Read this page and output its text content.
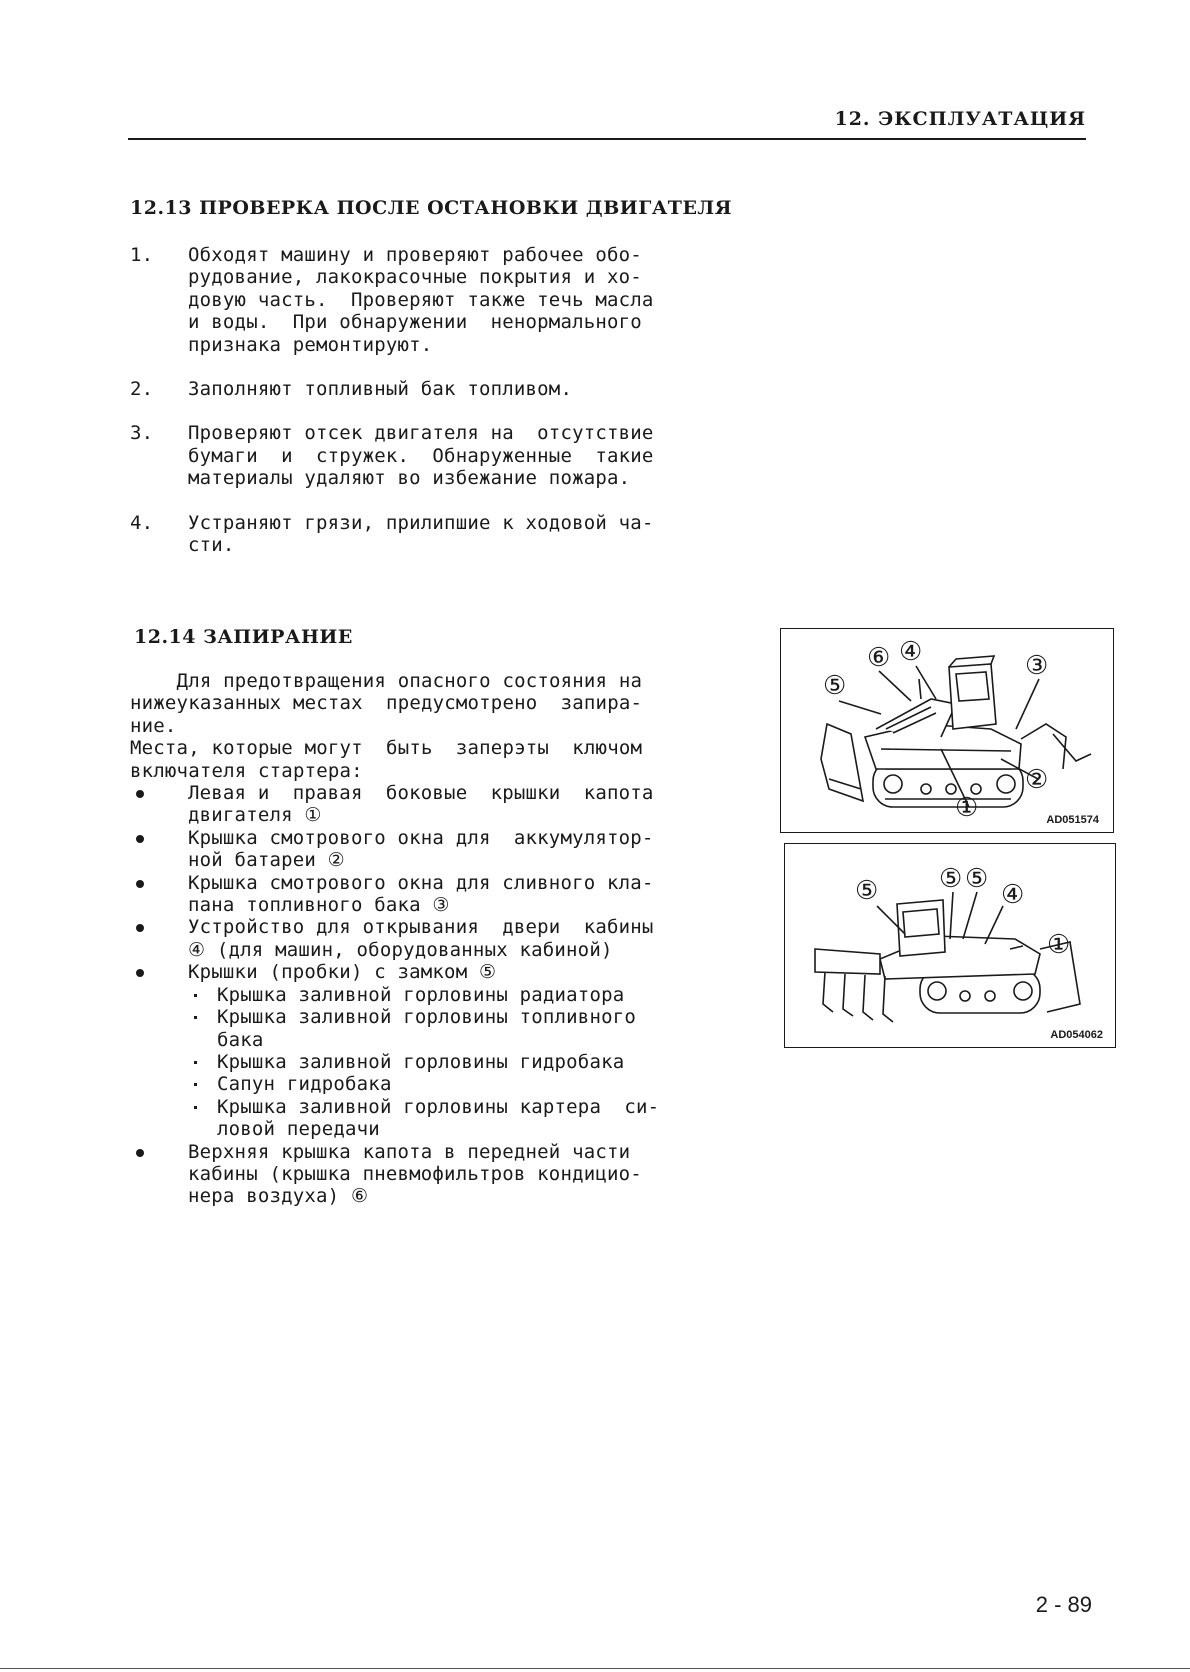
12. ЭКСПЛУАТАЦИЯ
12.13 ПРОВЕРКА ПОСЛЕ ОСТАНОВКИ ДВИГАТЕЛЯ
1. Обходят машину и проверяют рабочее обо-
рудование, лакокрасочные покрытия и хо-
довую часть.  Проверяют также течь масла
и воды.  При обнаружении  ненормального
признака ремонтируют.
2. Заполняют топливный бак топливом.
3. Проверяют отсек двигателя на  отсутствие
бумаги  и  стружек.  Обнаруженные  такие
материалы удаляют во избежание пожара.
4. Устраняют грязи, прилипшие к ходовой ча-
сти.
12.14 ЗАПИРАНИЕ
Для предотвращения опасного состояния на
нижеуказанных местах  предусмотрено  запира-
ние.
Места, которые могут  быть  заперэты  ключом
включателя стартера:
Левая и  правая  боковые  крышки  капота
двигателя ①
Крышка смотрового окна для  аккумулятор-
ной батареи ②
Крышка смотрового окна для сливного кла-
пана топливного бака ③
Устройство для открывания  двери  кабины
④ (для машин, оборудованных кабиной)
Крышки (пробки) с замком ⑤
Крышка заливной горловины радиатора
Крышка заливной горловины топливного
бака
Крышка заливной горловины гидробака
Сапун гидробака
Крышка заливной горловины картера  си-
ловой передачи
Верхняя крышка капота в передней части
кабины (крышка пневмофильтров кондицио-
нера воздуха) ⑥
⑥ ④	③
⑤
②
①	AD051574
⑤ ⑤ ⑤
④
①
AD054062
2 - 89
